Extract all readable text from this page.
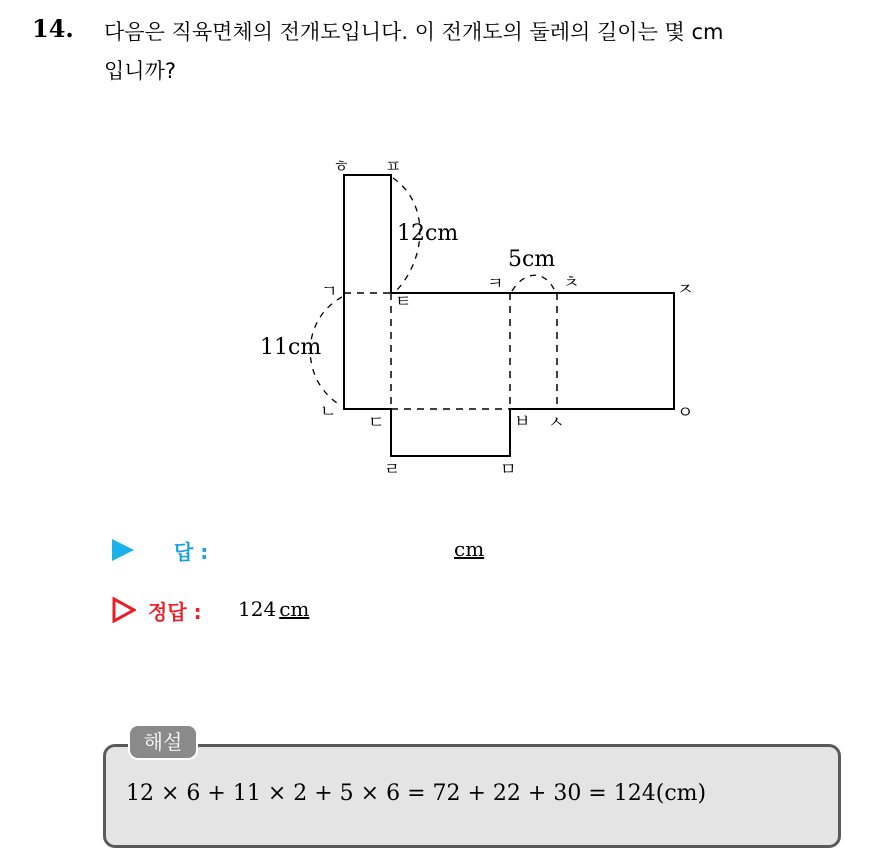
14. 다음은 직육면체의 전개도입니다. 이 전개도의 둘레의 길이는 몇 cm
입니까?
ㅎ ㅍ
ㄱ	ㅌ
ㅋ	ㅊ	ㅈ
ㄴ
ㄷ	ㅂ ㅅ	ㅇ
ㄹ	ㅁ
12cm
5cm
11cm
답 :	cm
정답 : 124 cm
해설
12 × 6 + 11 × 2 + 5 × 6 = 72 + 22 + 30 = 124(cm)
